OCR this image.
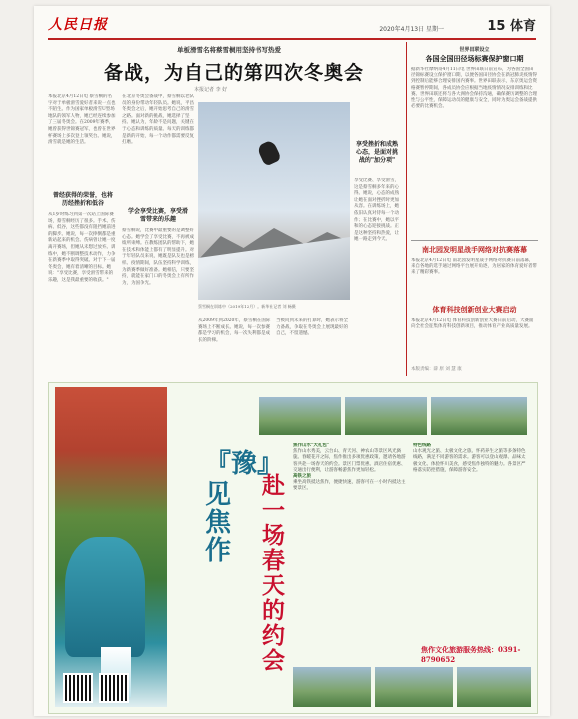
人民日报	2020年4月13日 星期一	15 体育
单板滑雪名将蔡雪桐用坚持书写热爱
备战，为自己的第四次冬奥会
本报记者 李 好
本报北京4月12日电 蔡雪桐的名字对于单板滑雪爱好者来说一点也不陌生。作为国家单板滑雪U型场地队的领军人物，她已经连续参加了三届冬奥会。在2009年赛季，她曾获得世锦赛冠军，也曾在世界杯赛场上多次登上领奖台。她说，滑雪就是她的生活。
曾经获得的荣誉，也将历经挫折和低谷
从1岁时练习到第一次站上国际赛场，蔡雪桐经历了很多。手术、伤病、低谷，这些都没有阻挡她前进的脚步。她说，每一次摔倒都是重新站起来的机会。伤病曾让她一度离开赛场，但她从未想过放弃。训练中，她不断调整技术动作，力争在新赛季中取得突破。对于下一届冬奥会，她有着清晰的目标。她说："享受比赛，享受滑雪带来的乐趣，这是我最重要的收获。"
在北京冬奥会备战中，蔡雪桐以老队员的身份带动年轻队员。她说，平昌冬奥会之后，她开始思考自己的滑雪之路。面对新的挑战，她选择了坚持。她认为，年龄不是问题，关键在于心态和训练的质量。每天的训练都是新的开始，每一个动作都需要反复打磨。
学会享受比赛，享受滑雪带来的乐趣
蔡雪桐说，比赛中最重要的是调整好心态。她学会了享受比赛，不再被成绩所束缚。在教练团队的帮助下，她在技术和体能上都有了明显提升。对于年轻队员来说，她既是队友也是榜样。疫情期间，队伍坚持科学训练，为新赛季做好准备。她相信，只要坚持，就能在家门口的冬奥会上有所作为，为国争光。
蔡雪桐在训练中（2019年12月）。新华社记者 刘 畅摄
从2009年到2020年，蔡雪桐在国际赛场上不断成长。她说，每一次参赛都是学习的机会，每一次失利都是成长的阶梯。
当被问到未来的打算时，她表示将全力备战，争取在冬奥会上展现最好的自己，不留遗憾。
享受挫折和成熟心态，是面对挑战的"加分项"
享受比赛、享受滑雪，这是蔡雪桐多年来的心得。她说，心态的成熟让她在面对挫折时更加从容。在训练场上，她依旧认真对待每一个动作；在比赛中，她以平和的心态迎接挑战。正是这种坚持和热爱，让她一路走到今天。
世界田联设立
各国全国田径场标赛保护窗口期
据新华社摩纳哥4月11日电 世界田联日前宣布，为各国全国田径锦标赛设立保护窗口期，以便各国田径协会在新冠肺炎疫情得到控制后能够合理安排国内赛事。世界田联表示，东京奥运会资格赛暂停期间，各成员协会应根据当地疫情情况安排训练和比赛。世界田联还将与各大洲协会保持沟通，确保赛历调整的合理性与公平性，保障运动员的健康与安全，同时为奥运会备战提供必要的比赛机会。
南北园发明星战手网络对抗赛落幕
本报北京4月12日电 南北园发明星战手网络对抗赛日前落幕，来自各地的选手通过网络平台展开角逐，为居家的体育爱好者带来了精彩赛事。
体育科技创新创业大赛启动
本报北京4月12日电 体育科技创新创业大赛日前启动，大赛面向全社会征集体育科技创新项目，推动体育产业高质量发展。
本版责编：薛 原 刘 慧 康
『豫』
见焦作
赴一场春天的约会
焦作山水"大礼包"
焦作山水秀美，云台山、青天河、神农山等景区风光旖旎。春暖花开之际，焦作推出多项优惠政策，邀请各地游客共赴一场春天的约会。景区门票优惠、酒店住宿优惠、交通出行便利，让游客畅游焦作更加轻松。
高铁之旅
乘坐高铁抵达焦作，便捷快速，游客可在一小时内抵达主要景区。
特色线路
山水观光之旅、太极文化之旅、怀药养生之旅等多条特色线路，满足不同游客的需求。游客可以登山观瀑、品味太极文化、体验怀川美食，感受焦作独特的魅力。各景区严格落实防控措施，保障游客安全。
焦作文化旅游服务热线：0391-8790652
